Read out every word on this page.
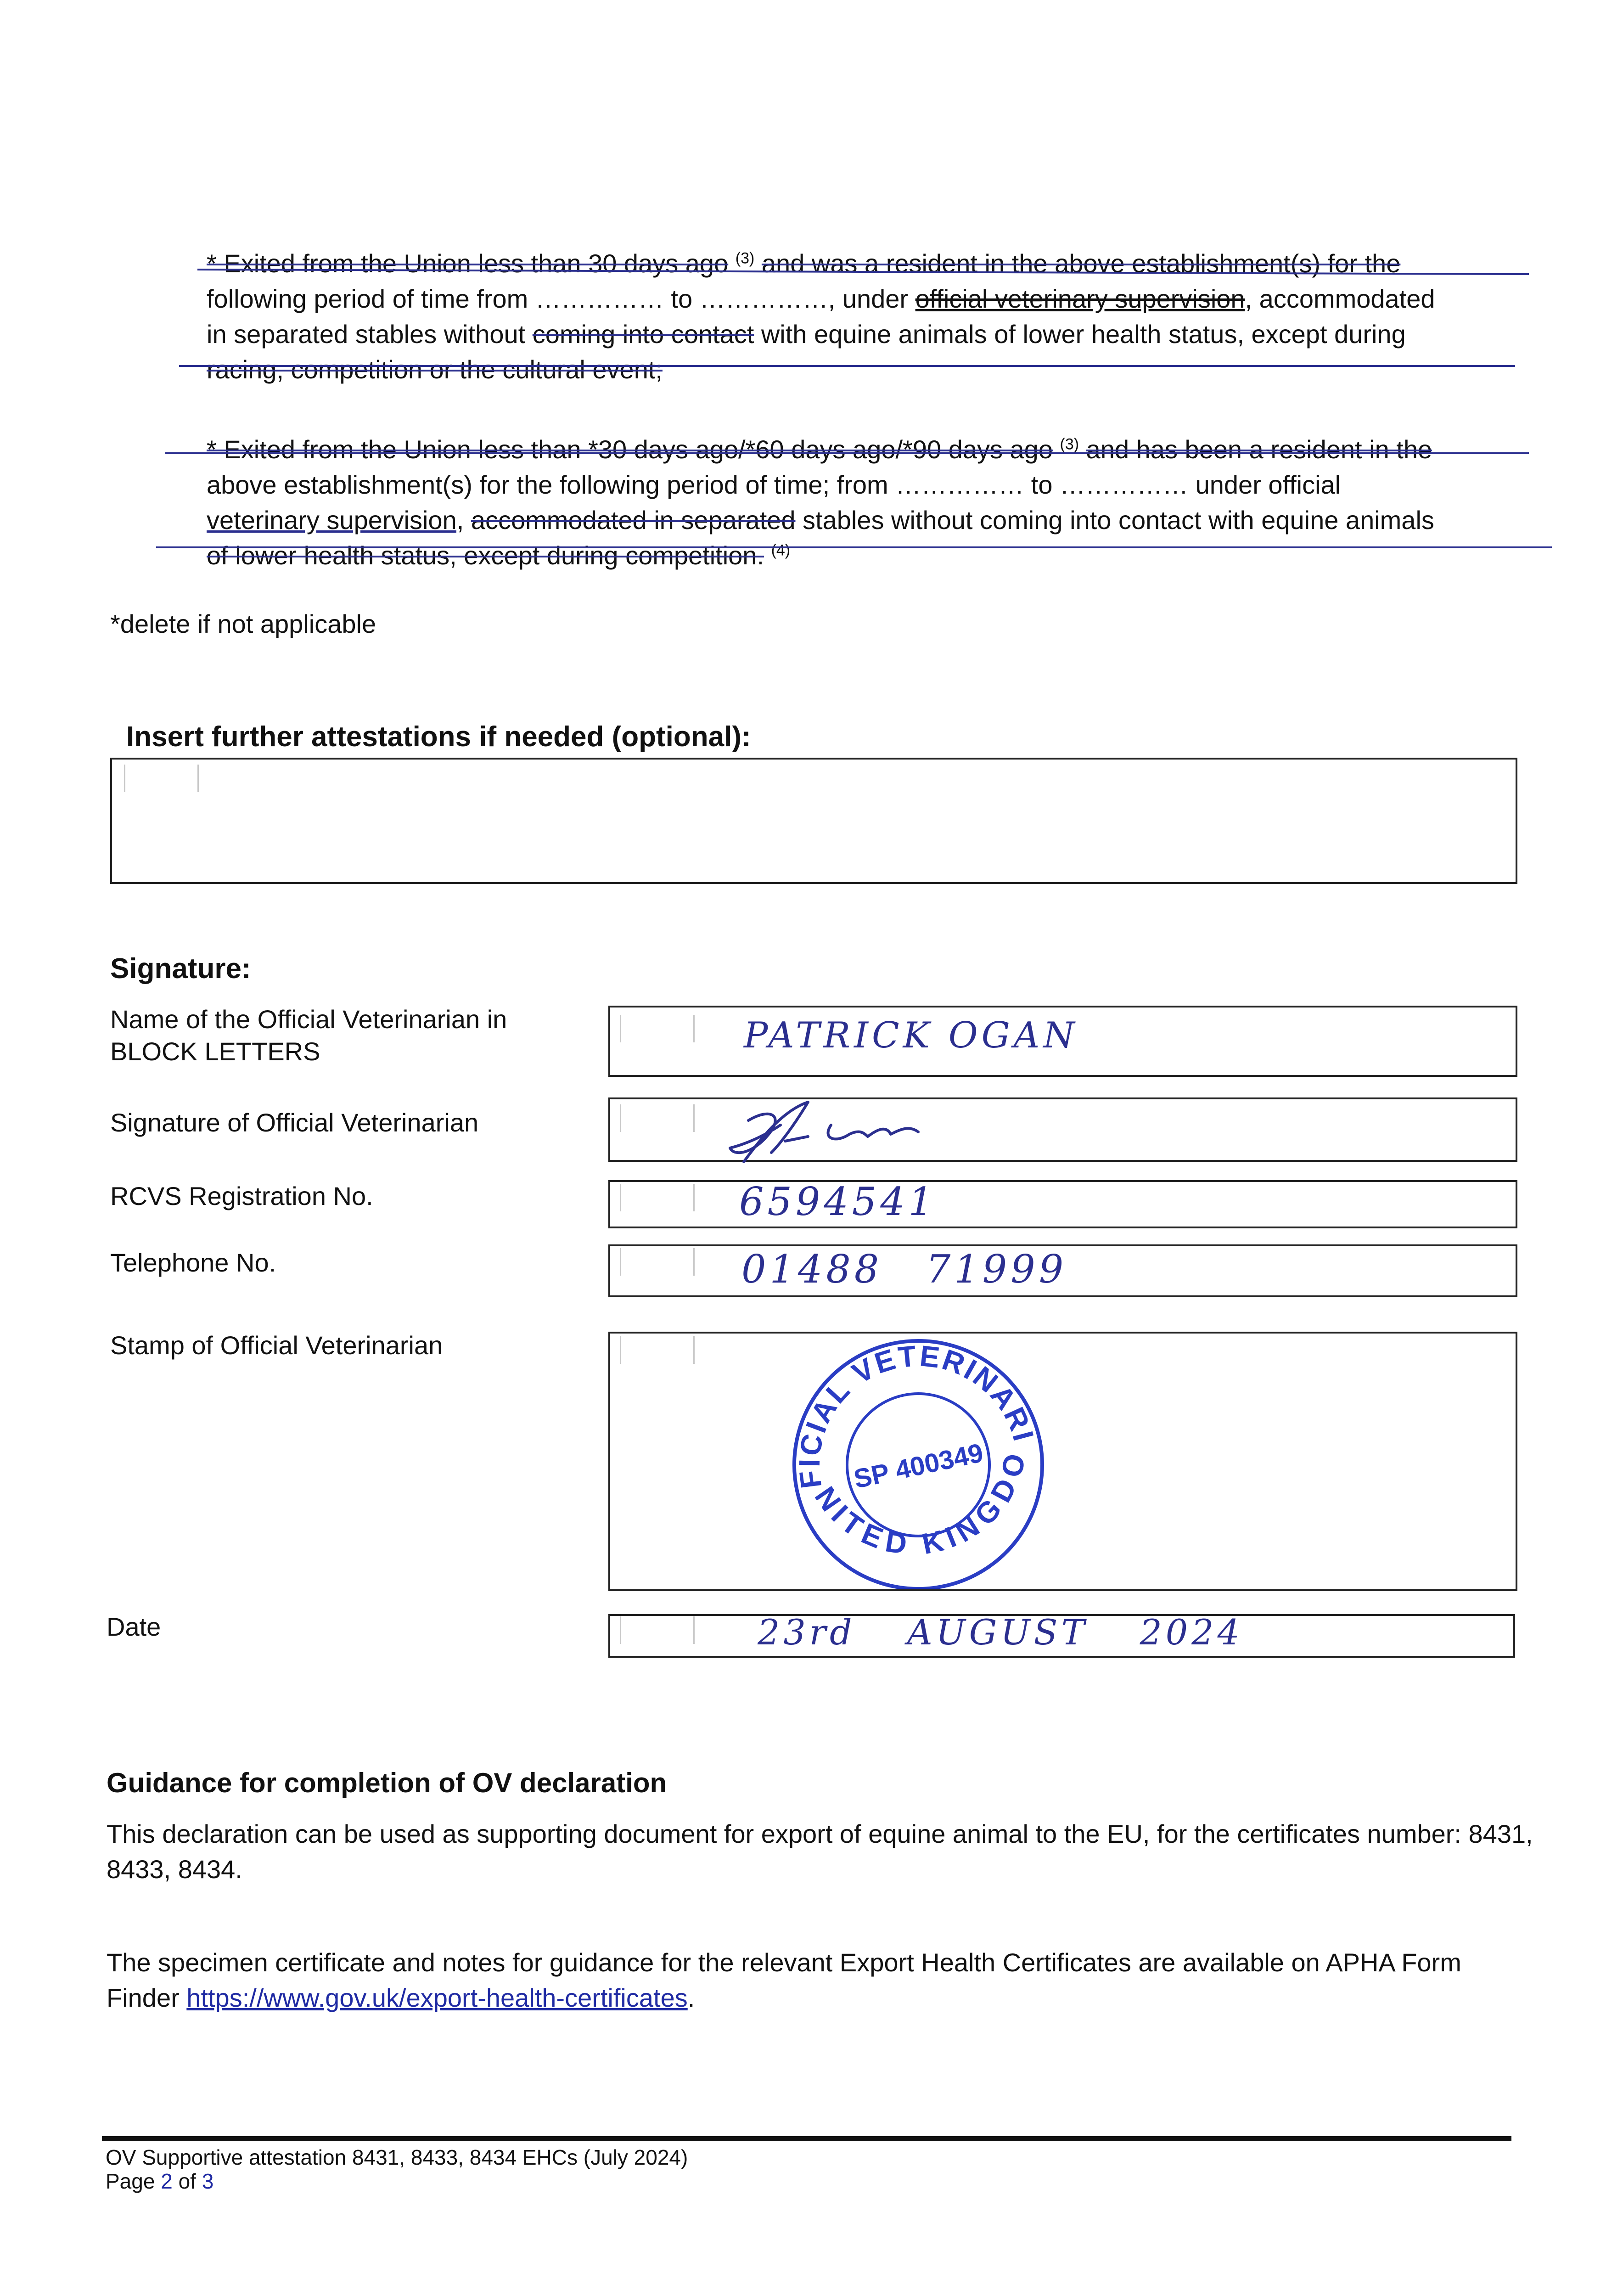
* Exited from the Union less than 30 days ago $^{(3)}$ and was a resident in the above establishment(s) for the
following period of time from …………… to ……………, under official veterinary supervision, accommodated
in separated stables without coming into contact with equine animals of lower health status, except during
racing, competition or the cultural event;
* Exited from the Union less than *30 days ago/*60 days ago/*90 days ago $^{(3)}$ and has been a resident in the
above establishment(s) for the following period of time; from …………… to …………… under official
veterinary supervision, accommodated in separated stables without coming into contact with equine animals
of lower health status, except during competition. $^{(4)}$
*delete if not applicable
Insert further attestations if needed (optional):
Signature:
Name of the Official Veterinarian in BLOCK LETTERS	PATRICK OGAN
Signature of Official Veterinarian
RCVS Registration No.	6594541
Telephone No.	01488 71999
Stamp of Official Veterinarian	OFFICIAL VETERINARIAN
UNITED KINGDOM
SP 400349
Date	23rd AUGUST 2024
Guidance for completion of OV declaration
This declaration can be used as supporting document for export of equine animal to the EU, for the certificates number: 8431, 8433, 8434.
The specimen certificate and notes for guidance for the relevant Export Health Certificates are available on APHA Form Finder https://www.gov.uk/export-health-certificates.
OV Supportive attestation 8431, 8433, 8434 EHCs (July 2024)
Page 2 of 3
